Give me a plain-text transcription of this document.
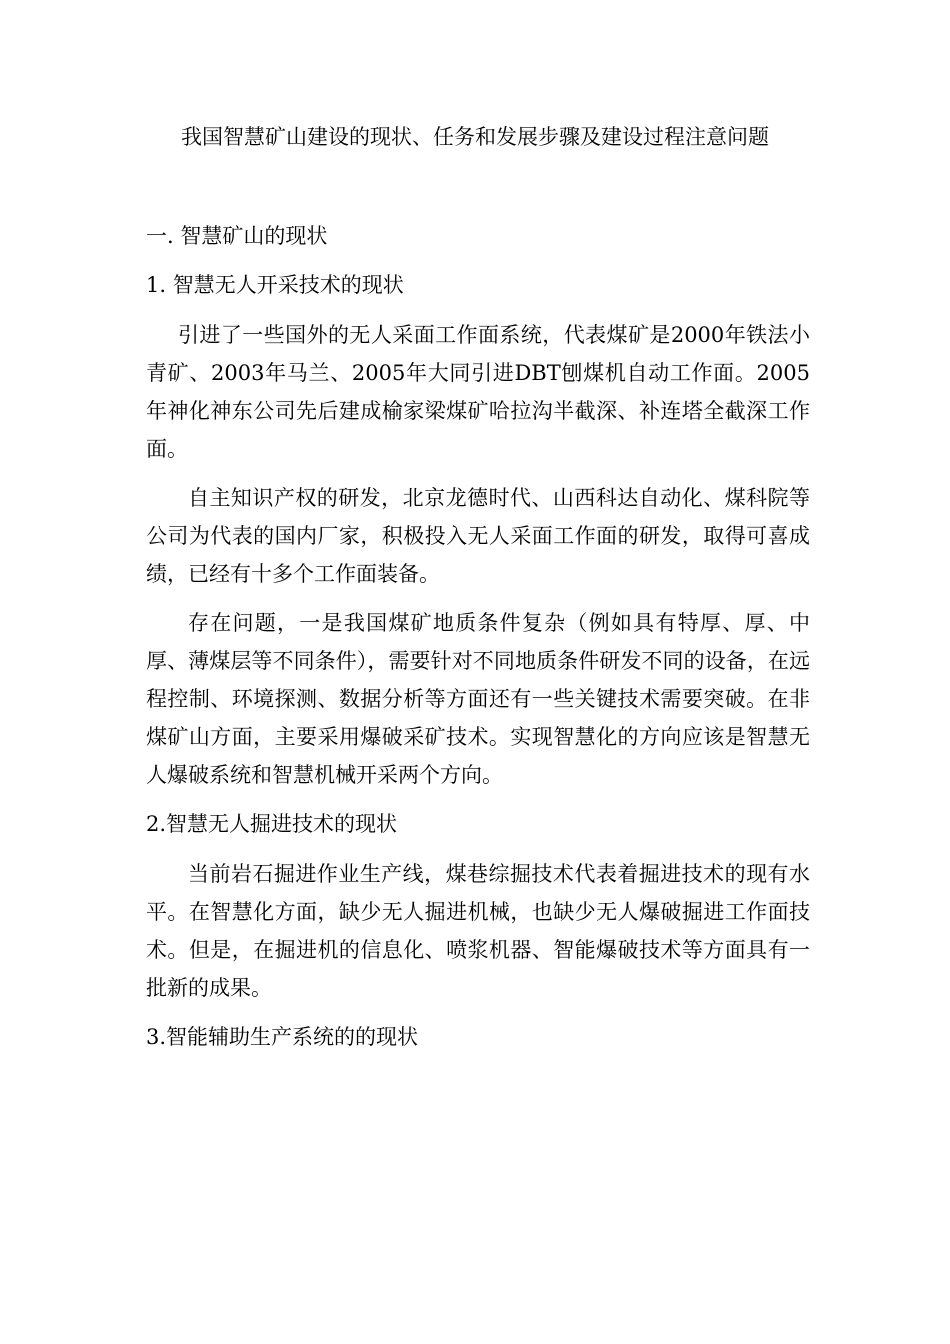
我国智慧矿山建设的现状、任务和发展步骤及建设过程注意问题

一. 智慧矿山的现状

1. 智慧无人开采技术的现状

引进了一些国外的无人采面工作面系统，代表煤矿是2000年铁法小青矿、2003年马兰、2005年大同引进DBT刨煤机自动工作面。2005年神化神东公司先后建成榆家梁煤矿哈拉沟半截深、补连塔全截深工作面。

自主知识产权的研发，北京龙德时代、山西科达自动化、煤科院等公司为代表的国内厂家，积极投入无人采面工作面的研发，取得可喜成绩，已经有十多个工作面装备。

存在问题，一是我国煤矿地质条件复杂（例如具有特厚、厚、中厚、薄煤层等不同条件），需要针对不同地质条件研发不同的设备，在远程控制、环境探测、数据分析等方面还有一些关键技术需要突破。在非煤矿山方面，主要采用爆破采矿技术。实现智慧化的方向应该是智慧无人爆破系统和智慧机械开采两个方向。

2.智慧无人掘进技术的现状

当前岩石掘进作业生产线，煤巷综掘技术代表着掘进技术的现有水平。在智慧化方面，缺少无人掘进机械，也缺少无人爆破掘进工作面技术。但是，在掘进机的信息化、喷浆机器、智能爆破技术等方面具有一批新的成果。

3.智能辅助生产系统的的现状
